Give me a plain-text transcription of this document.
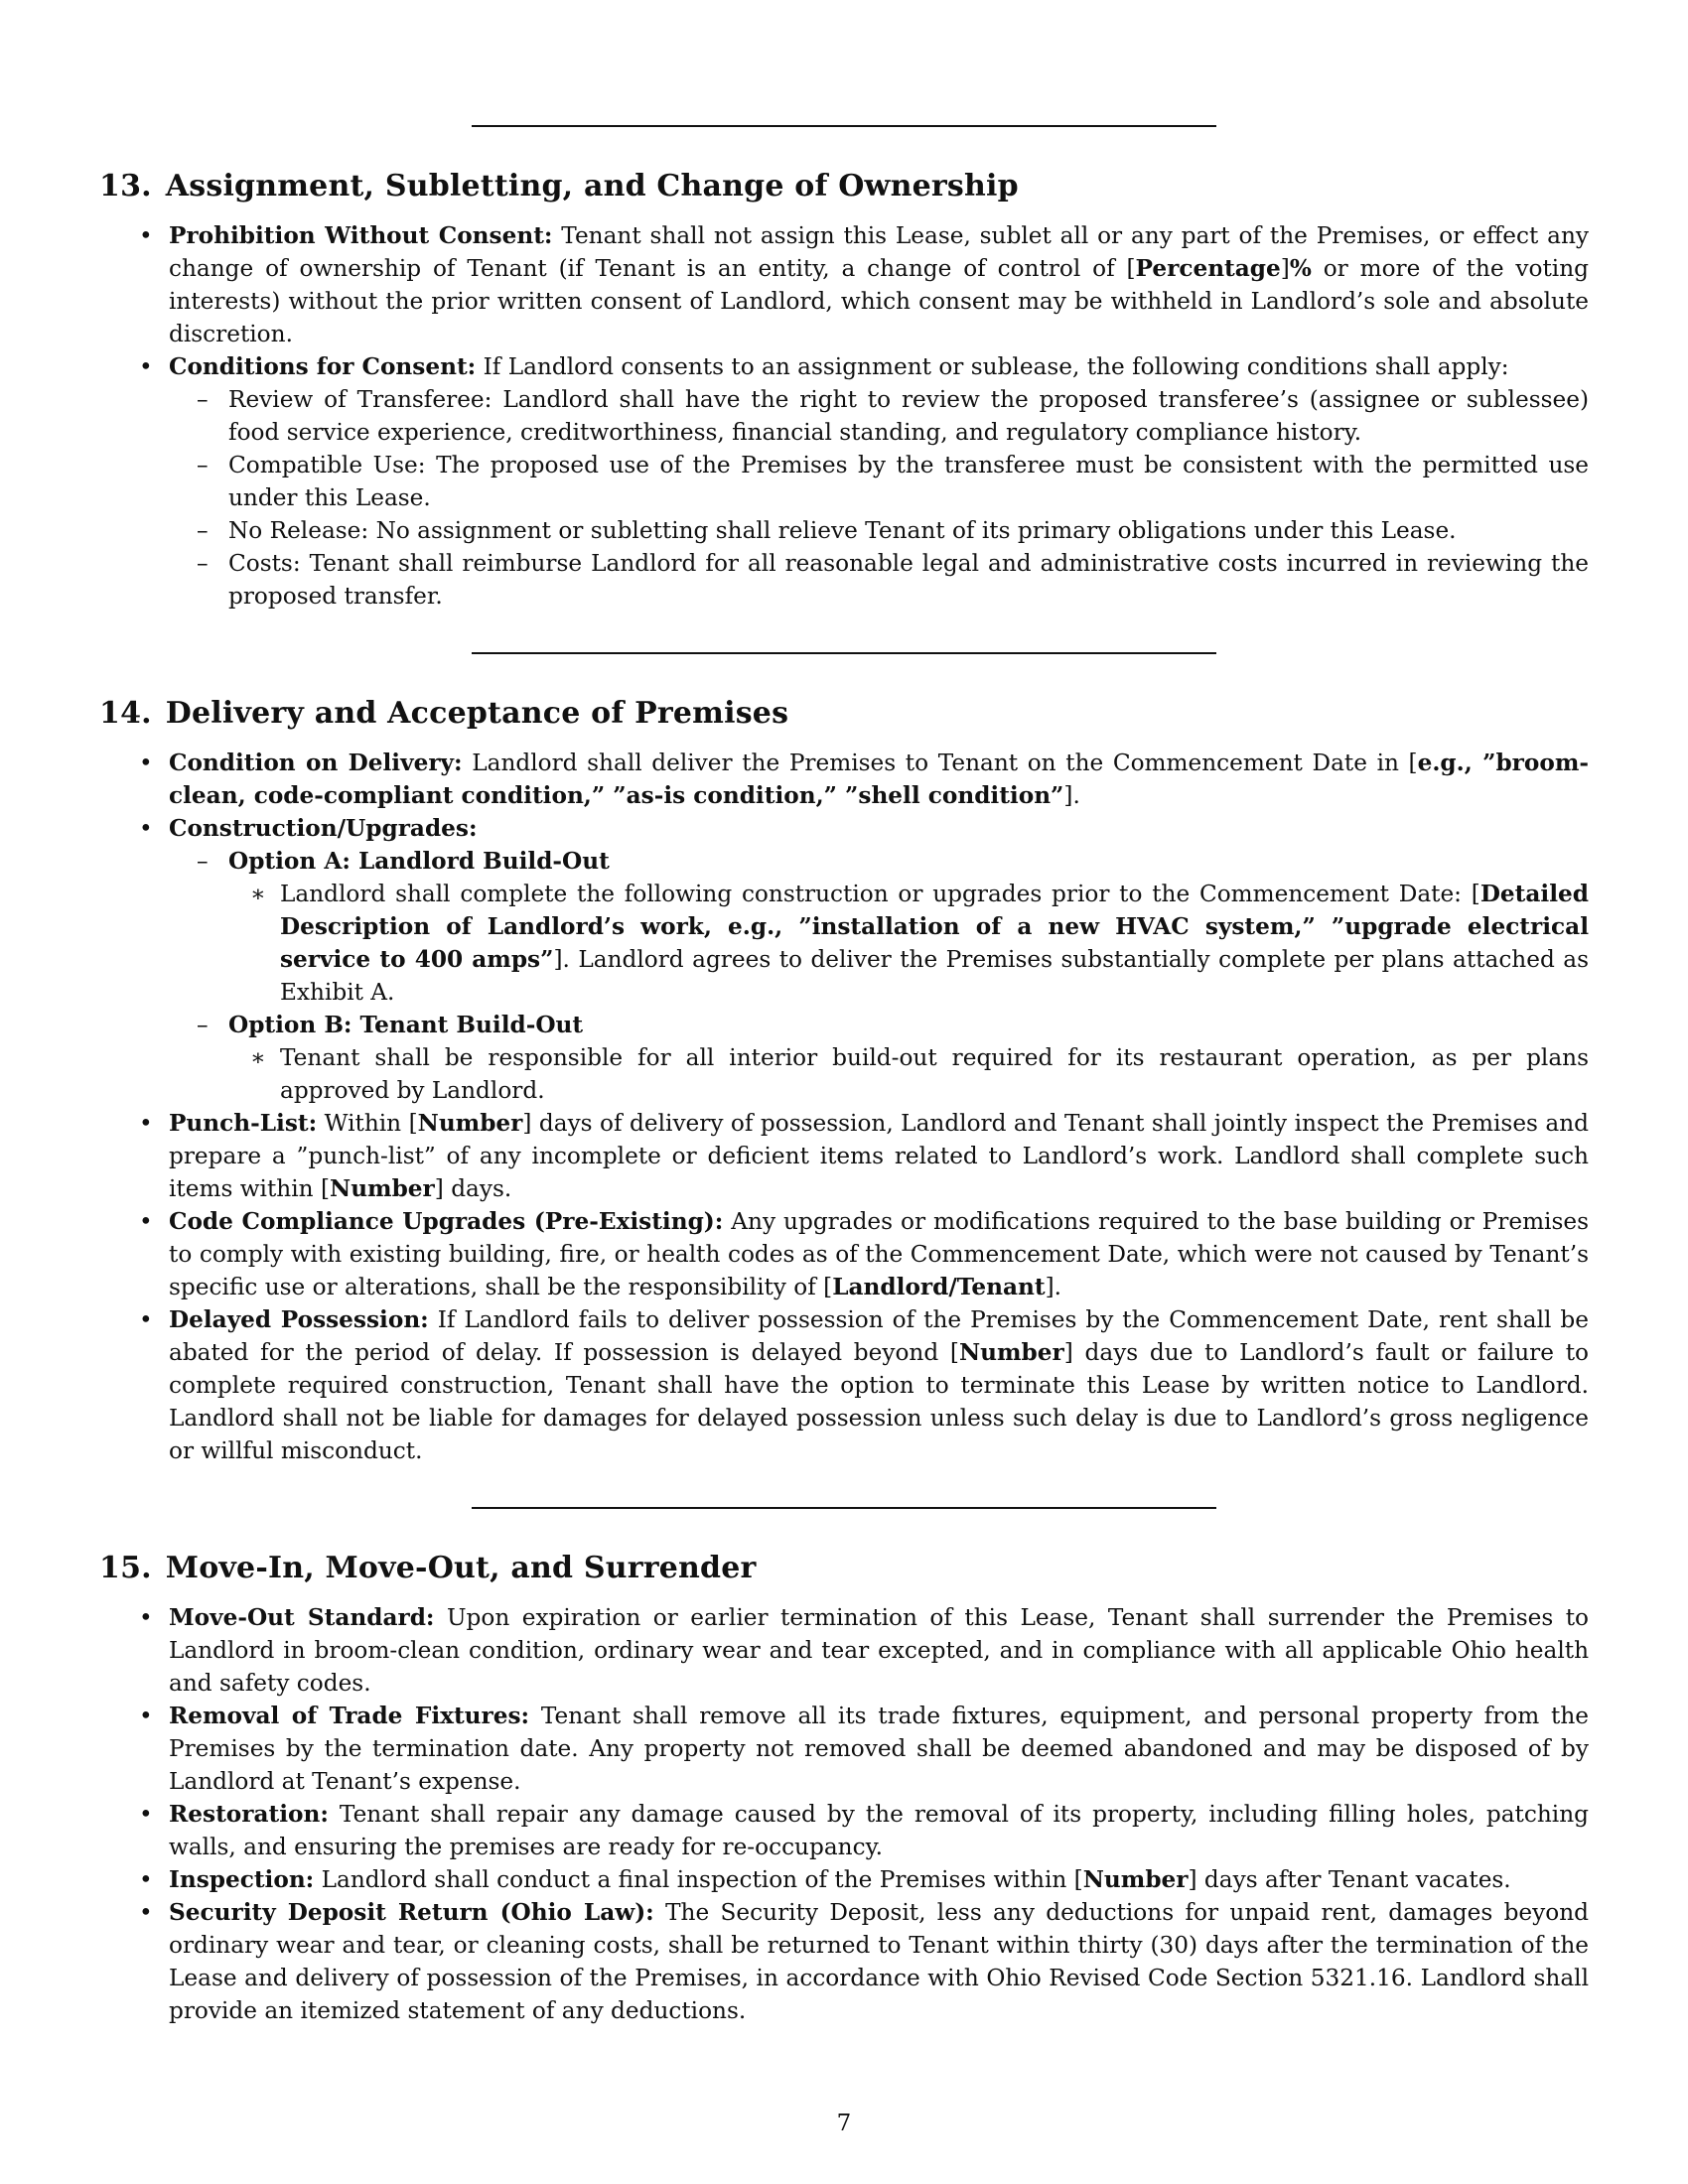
13. Assignment, Subletting, and Change of Ownership
• Prohibition Without Consent: Tenant shall not assign this Lease, sublet all or any part of the Premises, or effect any change of ownership of Tenant (if Tenant is an entity, a change of control of [Percentage]% or more of the voting interests) without the prior written consent of Landlord, which consent may be withheld in Landlord’s sole and absolute discretion.
• Conditions for Consent: If Landlord consents to an assignment or sublease, the following conditions shall apply:
– Review of Transferee: Landlord shall have the right to review the proposed transferee’s (assignee or sublessee) food service experience, creditworthiness, financial standing, and regulatory compliance history.
– Compatible Use: The proposed use of the Premises by the transferee must be consistent with the permitted use under this Lease.
– No Release: No assignment or subletting shall relieve Tenant of its primary obligations under this Lease.
– Costs: Tenant shall reimburse Landlord for all reasonable legal and administrative costs incurred in reviewing the proposed transfer.
14. Delivery and Acceptance of Premises
• Condition on Delivery: Landlord shall deliver the Premises to Tenant on the Commencement Date in [e.g., ”broom-clean, code-compliant condition,” ”as-is condition,” ”shell condition”].
• Construction/Upgrades:
– Option A: Landlord Build-Out
∗ Landlord shall complete the following construction or upgrades prior to the Commencement Date: [Detailed Description of Landlord’s work, e.g., ”installation of a new HVAC system,” ”upgrade electrical service to 400 amps”]. Landlord agrees to deliver the Premises substantially complete per plans attached as Exhibit A.
– Option B: Tenant Build-Out
∗ Tenant shall be responsible for all interior build-out required for its restaurant operation, as per plans approved by Landlord.
• Punch-List: Within [Number] days of delivery of possession, Landlord and Tenant shall jointly inspect the Premises and prepare a ”punch-list” of any incomplete or deficient items related to Landlord’s work. Landlord shall complete such items within [Number] days.
• Code Compliance Upgrades (Pre-Existing): Any upgrades or modifications required to the base building or Premises to comply with existing building, fire, or health codes as of the Commencement Date, which were not caused by Tenant’s specific use or alterations, shall be the responsibility of [Landlord/Tenant].
• Delayed Possession: If Landlord fails to deliver possession of the Premises by the Commencement Date, rent shall be abated for the period of delay. If possession is delayed beyond [Number] days due to Landlord’s fault or failure to complete required construction, Tenant shall have the option to terminate this Lease by written notice to Landlord. Landlord shall not be liable for damages for delayed possession unless such delay is due to Landlord’s gross negligence or willful misconduct.
15. Move-In, Move-Out, and Surrender
• Move-Out Standard: Upon expiration or earlier termination of this Lease, Tenant shall surrender the Premises to Landlord in broom-clean condition, ordinary wear and tear excepted, and in compliance with all applicable Ohio health and safety codes.
• Removal of Trade Fixtures: Tenant shall remove all its trade fixtures, equipment, and personal property from the Premises by the termination date. Any property not removed shall be deemed abandoned and may be disposed of by Landlord at Tenant’s expense.
• Restoration: Tenant shall repair any damage caused by the removal of its property, including filling holes, patching walls, and ensuring the premises are ready for re-occupancy.
• Inspection: Landlord shall conduct a final inspection of the Premises within [Number] days after Tenant vacates.
• Security Deposit Return (Ohio Law): The Security Deposit, less any deductions for unpaid rent, damages beyond ordinary wear and tear, or cleaning costs, shall be returned to Tenant within thirty (30) days after the termination of the Lease and delivery of possession of the Premises, in accordance with Ohio Revised Code Section 5321.16. Landlord shall provide an itemized statement of any deductions.
7
